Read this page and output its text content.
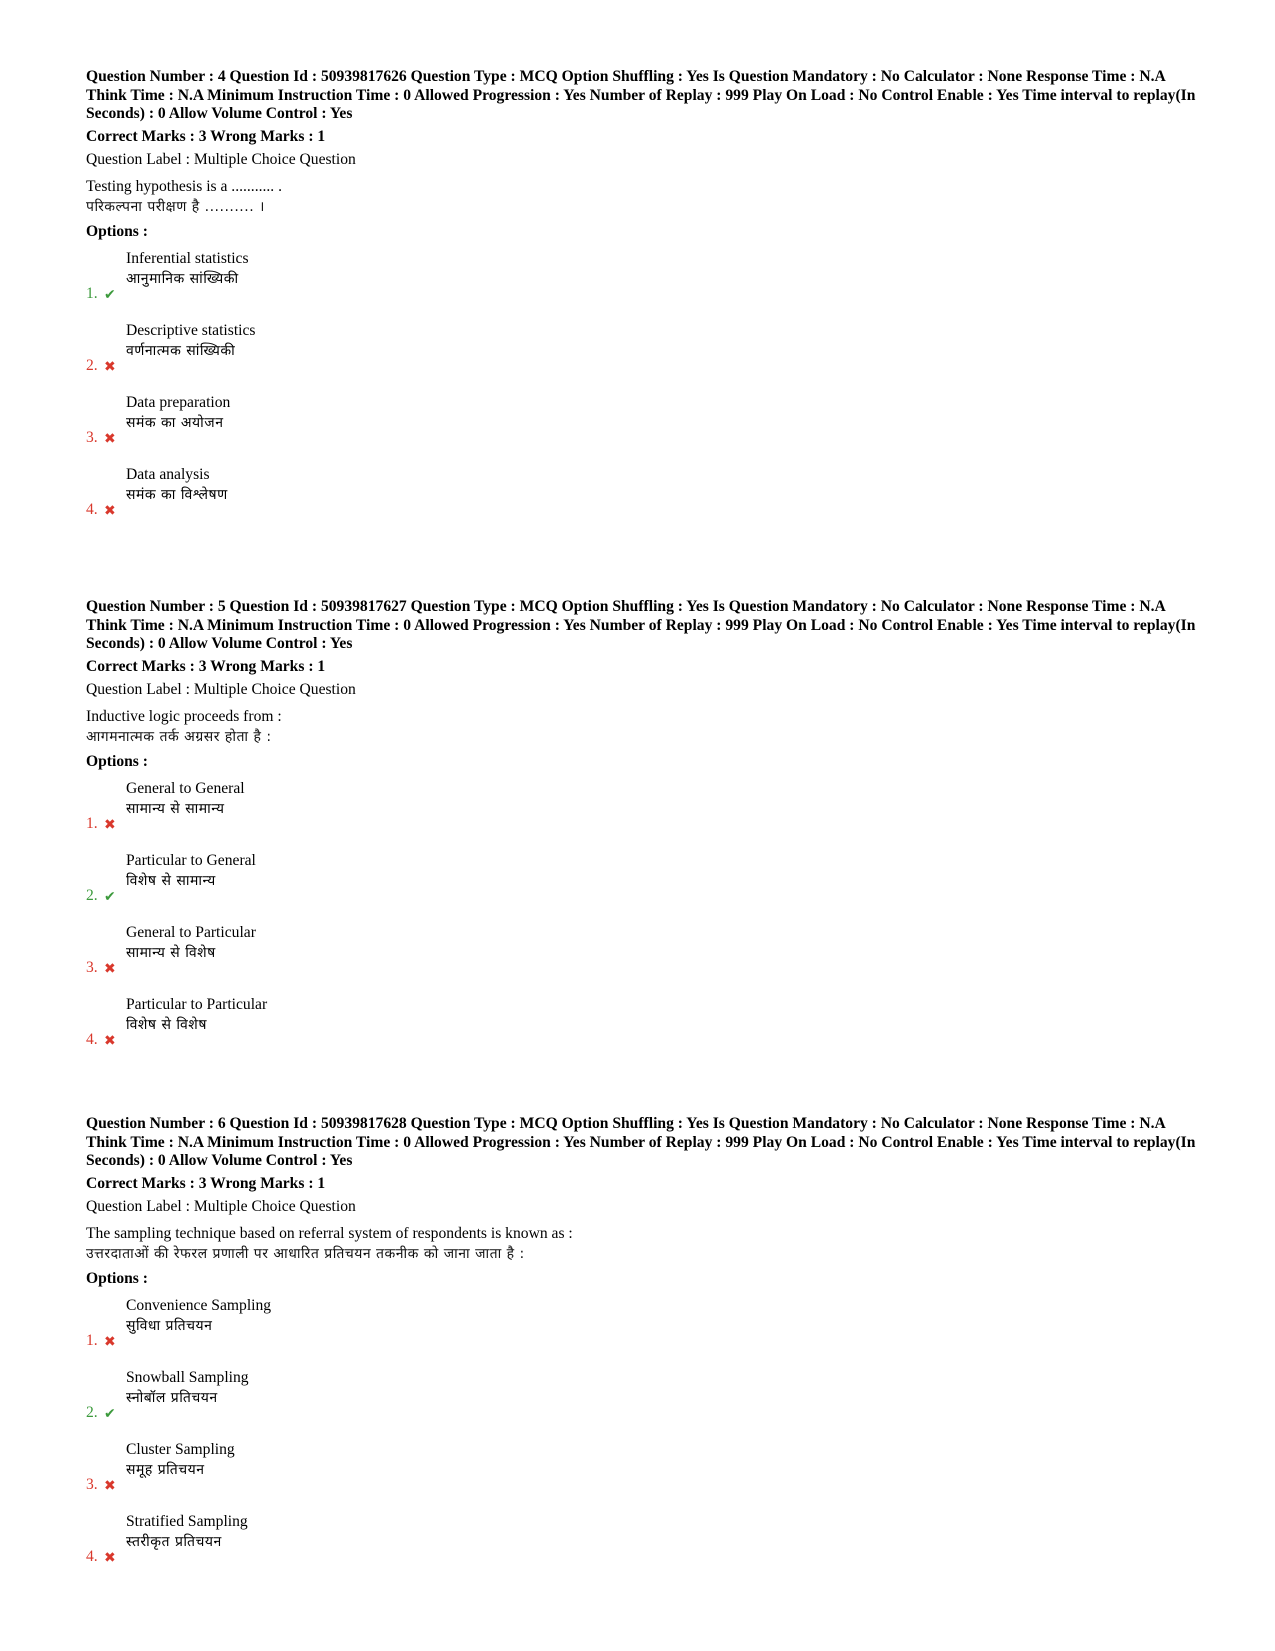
Question Number : 4 Question Id : 50939817626 Question Type : MCQ Option Shuffling : Yes Is Question Mandatory : No Calculator : None Response Time : N.A Think Time : N.A Minimum Instruction Time : 0 Allowed Progression : Yes Number of Replay : 999 Play On Load : No Control Enable : Yes Time interval to replay(In Seconds) : 0 Allow Volume Control : Yes

Correct Marks : 3 Wrong Marks : 1
Question Label : Multiple Choice Question
Testing hypothesis is a ........... .
परिकल्पना परीक्षण है .......... ।
Options :
1. ✔
Inferential statistics
आनुमानिक सांख्यिकी
2. ✖
Descriptive statistics
वर्णनात्मक सांख्यिकी
3. ✖
Data preparation
समंक का अयोजन
4. ✖
Data analysis
समंक का विश्लेषण

Question Number : 5 Question Id : 50939817627 Question Type : MCQ Option Shuffling : Yes Is Question Mandatory : No Calculator : None Response Time : N.A Think Time : N.A Minimum Instruction Time : 0 Allowed Progression : Yes Number of Replay : 999 Play On Load : No Control Enable : Yes Time interval to replay(In Seconds) : 0 Allow Volume Control : Yes

Correct Marks : 3 Wrong Marks : 1
Question Label : Multiple Choice Question
Inductive logic proceeds from :
आगमनात्मक तर्क अग्रसर होता है :
Options :
1. ✖
General to General
सामान्य से सामान्य
2. ✔
Particular to General
विशेष से सामान्य
3. ✖
General to Particular
सामान्य से विशेष
4. ✖
Particular to Particular
विशेष से विशेष

Question Number : 6 Question Id : 50939817628 Question Type : MCQ Option Shuffling : Yes Is Question Mandatory : No Calculator : None Response Time : N.A Think Time : N.A Minimum Instruction Time : 0 Allowed Progression : Yes Number of Replay : 999 Play On Load : No Control Enable : Yes Time interval to replay(In Seconds) : 0 Allow Volume Control : Yes

Correct Marks : 3 Wrong Marks : 1
Question Label : Multiple Choice Question
The sampling technique based on referral system of respondents is known as :
उत्तरदाताओं की रेफरल प्रणाली पर आधारित प्रतिचयन तकनीक को जाना जाता है :
Options :
1. ✖
Convenience Sampling
सुविधा प्रतिचयन
2. ✔
Snowball Sampling
स्नोबॉल प्रतिचयन
3. ✖
Cluster Sampling
समूह प्रतिचयन
4. ✖
Stratified Sampling
स्तरीकृत प्रतिचयन
